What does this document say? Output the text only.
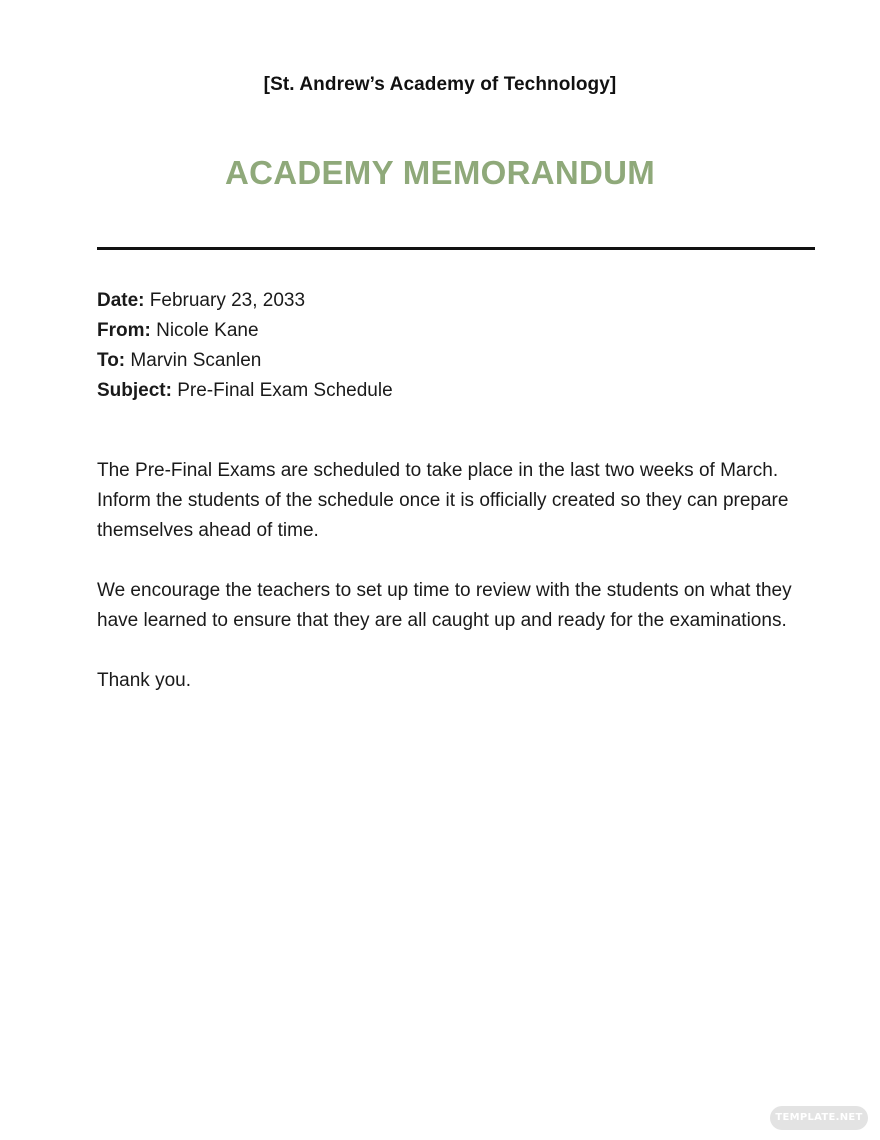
[St. Andrew’s Academy of Technology]
ACADEMY MEMORANDUM
Date: February 23, 2033
From: Nicole Kane
To: Marvin Scanlen
Subject: Pre-Final Exam Schedule

The Pre-Final Exams are scheduled to take place in the last two weeks of March. Inform the students of the schedule once it is officially created so they can prepare themselves ahead of time.

We encourage the teachers to set up time to review with the students on what they have learned to ensure that they are all caught up and ready for the examinations.

Thank you.

TEMPLATE.NET
